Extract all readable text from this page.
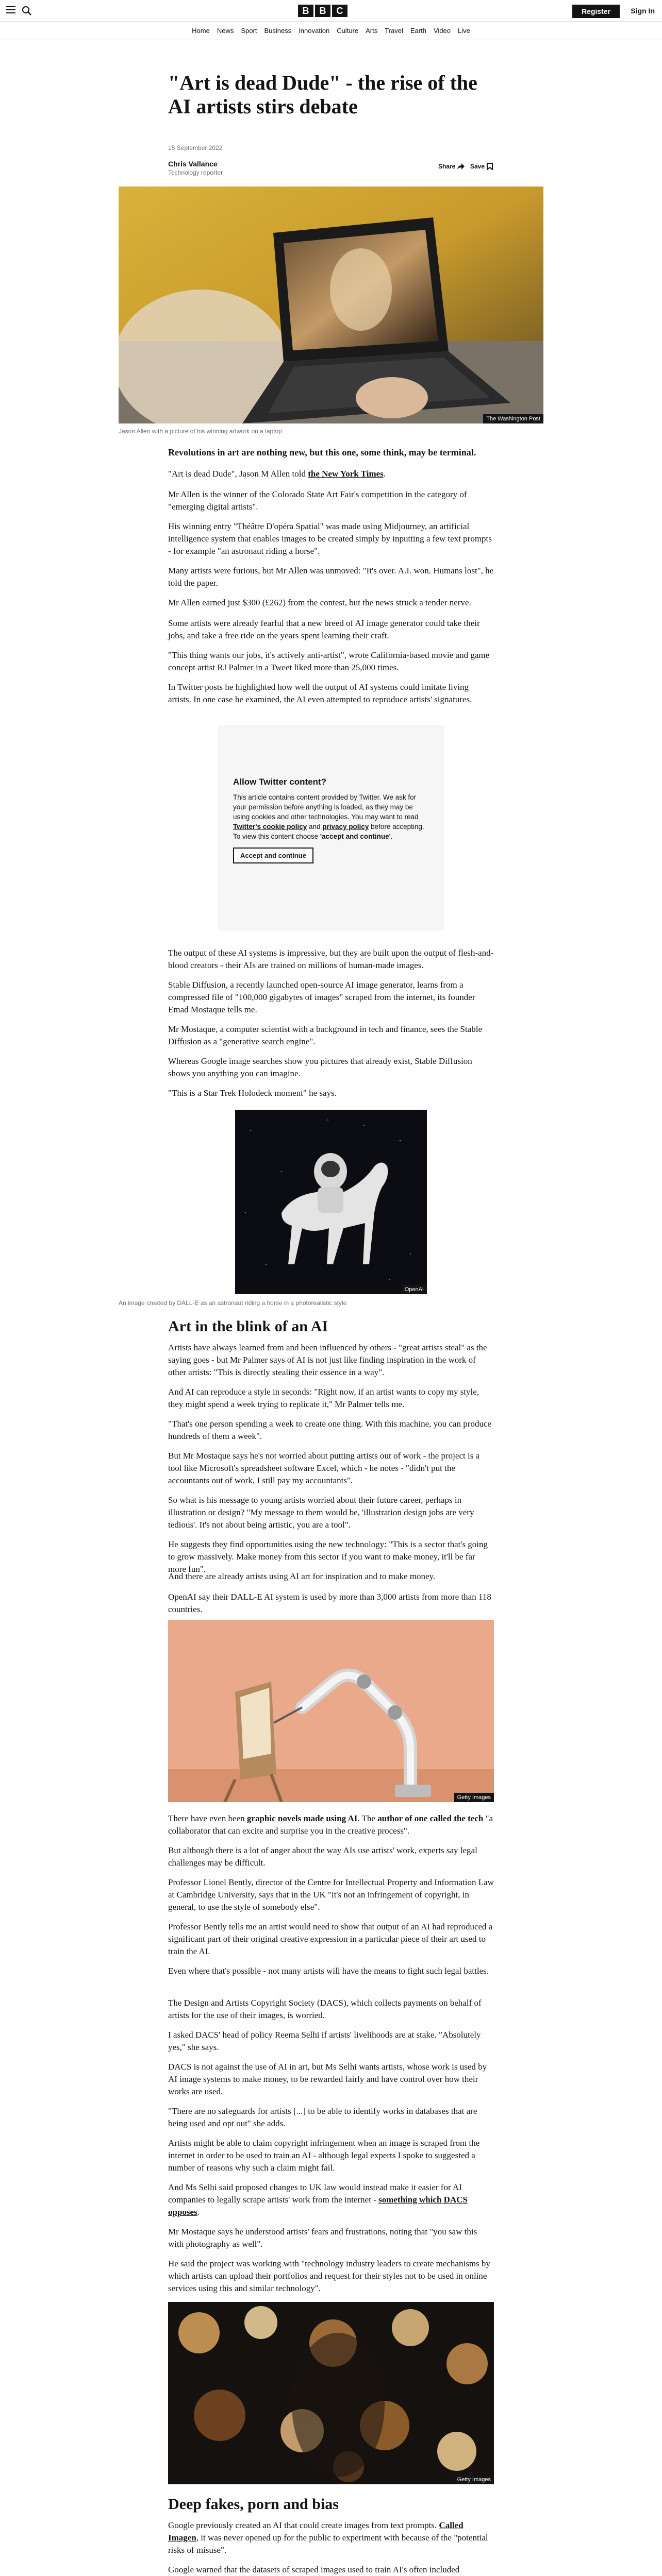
B	B	C	Register	Sign In
Home News Sport Business Innovation Culture Arts Travel Earth Video Live
"Art is dead Dude" - the rise of the AI artists stirs debate
15 September 2022
Chris Vallance
Technology reporter
Share Save
The Washington Post
Jason Allen with a picture of his winning artwork on a laptop

Revolutions in art are nothing new, but this one, some think, may be terminal.

"Art is dead Dude", Jason M Allen told the New York Times.

Mr Allen is the winner of the Colorado State Art Fair's competition in the category of "emerging digital artists".

His winning entry "Théâtre D'opéra Spatial" was made using Midjourney, an artificial intelligence system that enables images to be created simply by inputting a few text prompts - for example "an astronaut riding a horse".

Many artists were furious, but Mr Allen was unmoved: "It's over. A.I. won. Humans lost", he told the paper.

Mr Allen earned just $300 (£262) from the contest, but the news struck a tender nerve.

Some artists were already fearful that a new breed of AI image generator could take their jobs, and take a free ride on the years spent learning their craft.

"This thing wants our jobs, it's actively anti-artist", wrote California-based movie and game concept artist RJ Palmer in a Tweet liked more than 25,000 times.

In Twitter posts he highlighted how well the output of AI systems could imitate living artists. In one case he examined, the AI even attempted to reproduce artists' signatures.

Allow Twitter content?

This article contains content provided by Twitter. We ask for your permission before anything is loaded, as they may be using cookies and other technologies. You may want to read Twitter's cookie policy and privacy policy before accepting. To view this content choose 'accept and continue'.

Accept and continue

The output of these AI systems is impressive, but they are built upon the output of flesh-and-blood creators - their AIs are trained on millions of human-made images.

Stable Diffusion, a recently launched open-source AI image generator, learns from a compressed file of "100,000 gigabytes of images" scraped from the internet, its founder Emad Mostaque tells me.

Mr Mostaque, a computer scientist with a background in tech and finance, sees the Stable Diffusion as a "generative search engine".

Whereas Google image searches show you pictures that already exist, Stable Diffusion shows you anything you can imagine.

"This is a Star Trek Holodeck moment" he says.

OpenAI
An image created by DALL-E as an astronaut riding a horse in a photorealistic style
Art in the blink of an AI

Artists have always learned from and been influenced by others - "great artists steal" as the saying goes - but Mr Palmer says of AI is not just like finding inspiration in the work of other artists: "This is directly stealing their essence in a way".

And AI can reproduce a style in seconds: "Right now, if an artist wants to copy my style, they might spend a week trying to replicate it," Mr Palmer tells me.

"That's one person spending a week to create one thing. With this machine, you can produce hundreds of them a week".

But Mr Mostaque says he's not worried about putting artists out of work - the project is a tool like Microsoft's spreadsheet software Excel, which - he notes - "didn't put the accountants out of work, I still pay my accountants".

So what is his message to young artists worried about their future career, perhaps in illustration or design? "My message to them would be, 'illustration design jobs are very tedious'. It's not about being artistic, you are a tool".

He suggests they find opportunities using the new technology: "This is a sector that's going to grow massively. Make money from this sector if you want to make money, it'll be far more fun".

And there are already artists using AI art for inspiration and to make money.

OpenAI say their DALL-E AI system is used by more than 3,000 artists from more than 118 countries.

Getty Images

There have even been graphic novels made using AI. The author of one called the tech "a collaborator that can excite and surprise you in the creative process".

But although there is a lot of anger about the way AIs use artists' work, experts say legal challenges may be difficult.

Professor Lionel Bently, director of the Centre for Intellectual Property and Information Law at Cambridge University, says that in the UK "it's not an infringement of copyright, in general, to use the style of somebody else".

Professor Bently tells me an artist would need to show that output of an AI had reproduced a significant part of their original creative expression in a particular piece of their art used to train the AI.

Even where that's possible - not many artists will have the means to fight such legal battles.

The Design and Artists Copyright Society (DACS), which collects payments on behalf of artists for the use of their images, is worried.

I asked DACS' head of policy Reema Selhi if artists' livelihoods are at stake. "Absolutely yes," she says.

DACS is not against the use of AI in art, but Ms Selhi wants artists, whose work is used by AI image systems to make money, to be rewarded fairly and have control over how their works are used.

"There are no safeguards for artists [...] to be able to identify works in databases that are being used and opt out" she adds.

Artists might be able to claim copyright infringement when an image is scraped from the internet in order to be used to train an AI - although legal experts I spoke to suggested a number of reasons why such a claim might fail.

And Ms Selhi said proposed changes to UK law would instead make it easier for AI companies to legally scrape artists' work from the internet - something which DACS opposes.

Mr Mostaque says he understood artists' fears and frustrations, noting that "you saw this with photography as well".

He said the project was working with "technology industry leaders to create mechanisms by which artists can upload their portfolios and request for their styles not to be used in online services using this and similar technology".

Getty Images
Deep fakes, porn and bias

Google previously created an AI that could create images from text prompts. Called Imagen, it was never opened up for the public to experiment with because of the "potential risks of misuse".

Google warned that the datasets of scraped images used to train AI's often included
